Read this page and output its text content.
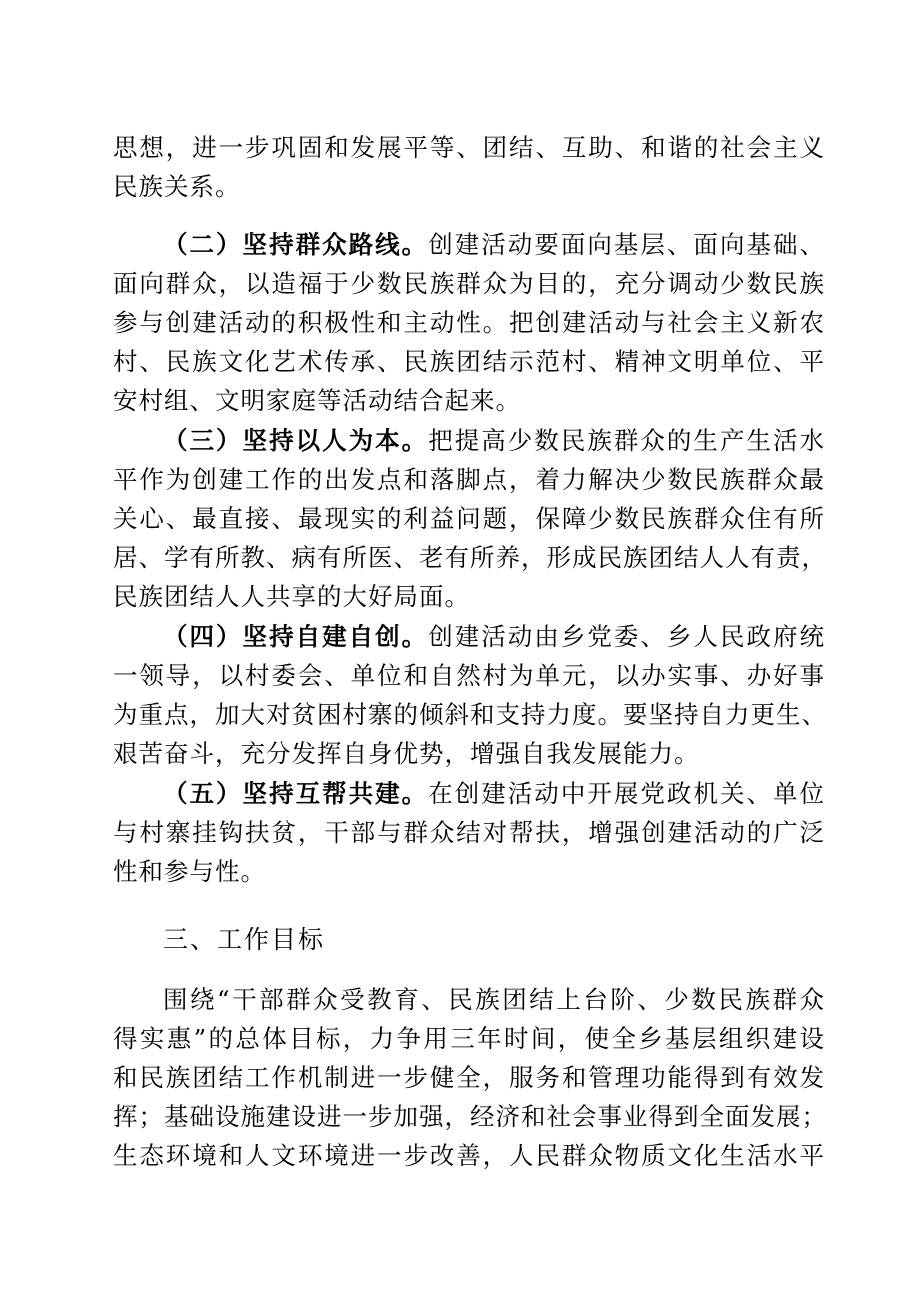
思想，进一步巩固和发展平等、团结、互助、和谐的社会主义
民族关系。
（二）坚持群众路线。创建活动要面向基层、面向基础、
面向群众，以造福于少数民族群众为目的，充分调动少数民族
参与创建活动的积极性和主动性。把创建活动与社会主义新农
村、民族文化艺术传承、民族团结示范村、精神文明单位、平
安村组、文明家庭等活动结合起来。
（三）坚持以人为本。把提高少数民族群众的生产生活水
平作为创建工作的出发点和落脚点，着力解决少数民族群众最
关心、最直接、最现实的利益问题，保障少数民族群众住有所
居、学有所教、病有所医、老有所养，形成民族团结人人有责，
民族团结人人共享的大好局面。
（四）坚持自建自创。创建活动由乡党委、乡人民政府统
一领导，以村委会、单位和自然村为单元，以办实事、办好事
为重点，加大对贫困村寨的倾斜和支持力度。要坚持自力更生、
艰苦奋斗，充分发挥自身优势，增强自我发展能力。
（五）坚持互帮共建。在创建活动中开展党政机关、单位
与村寨挂钩扶贫，干部与群众结对帮扶，增强创建活动的广泛
性和参与性。
三、工作目标
围绕“干部群众受教育、民族团结上台阶、少数民族群众
得实惠”的总体目标，力争用三年时间，使全乡基层组织建设
和民族团结工作机制进一步健全，服务和管理功能得到有效发
挥；基础设施建设进一步加强，经济和社会事业得到全面发展；
生态环境和人文环境进一步改善，人民群众物质文化生活水平
